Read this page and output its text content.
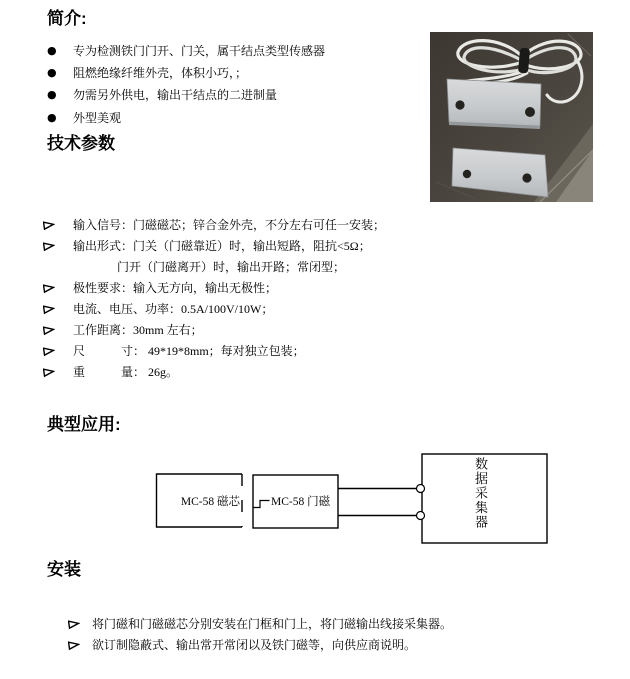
简介:
●	专为检测铁门门开、门关，属干结点类型传感器
●	阻燃绝缘纤维外壳，体积小巧，；
●	勿需另外供电，输出干结点的二进制量
●	外型美观
技术参数
输入信号：门磁磁芯；锌合金外壳，不分左右可任一安装；
输出形式：门关（门磁靠近）时，输出短路，阻抗<5Ω；
门开（门磁离开）时，输出开路；常闭型；
极性要求：输入无方向，输出无极性；
电流、电压、功率：0.5A/100V/10W；
工作距离：30mm 左右；
尺　　　寸： 49*19*8mm；每对独立包装；
重　　　量： 26g。
典型应用:
MC-58 磁芯	MC-58 门磁	数据采集器
安装
将门磁和门磁磁芯分别安装在门框和门上，将门磁输出线接采集器。
欲订制隐蔽式、输出常开常闭以及铁门磁等，向供应商说明。
